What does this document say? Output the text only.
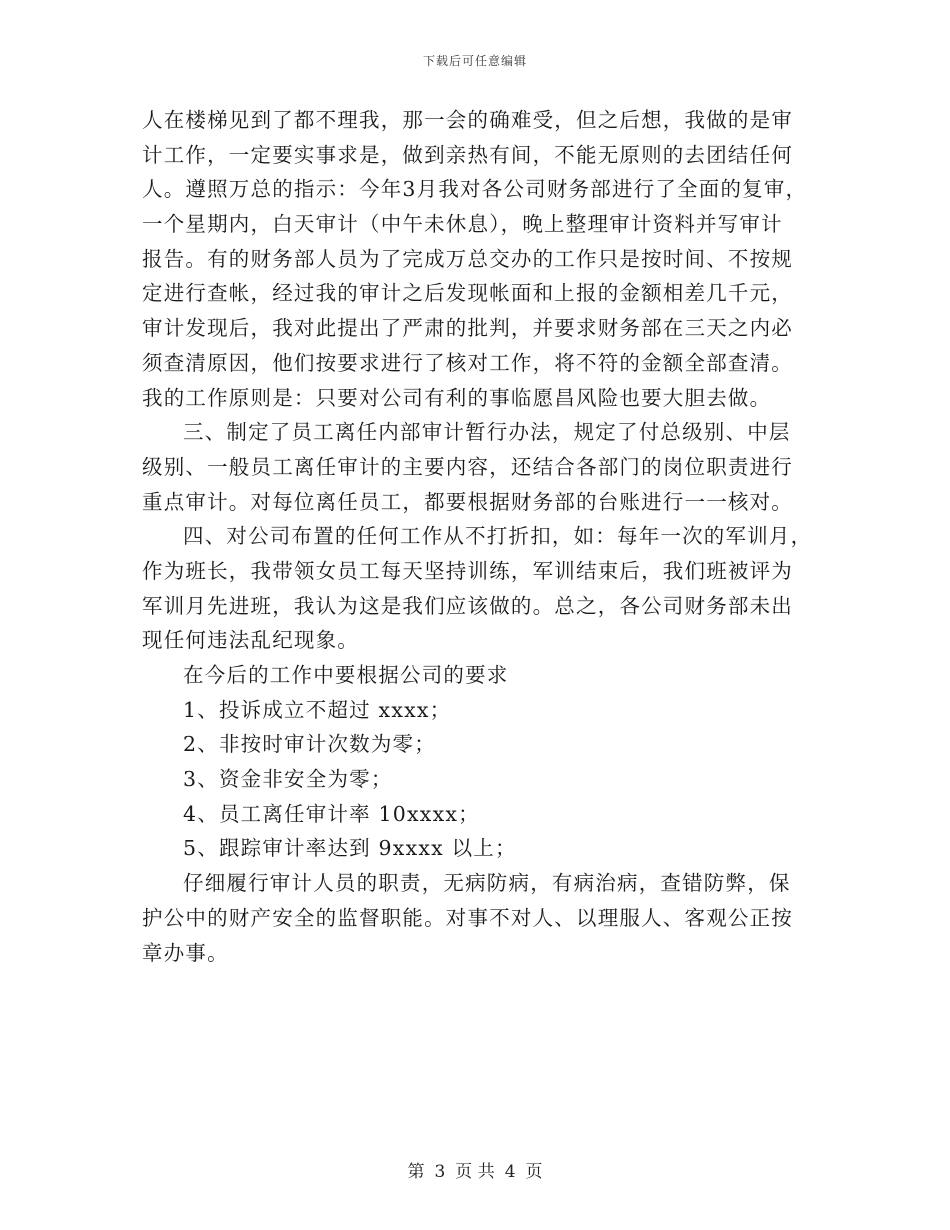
下载后可任意编辑
人在楼梯见到了都不理我，那一会的确难受，但之后想，我做的是审
计工作，一定要实事求是，做到亲热有间，不能无原则的去团结任何
人。遵照万总的指示：今年3月我对各公司财务部进行了全面的复审，
一个星期内，白天审计（中午未休息），晚上整理审计资料并写审计
报告。有的财务部人员为了完成万总交办的工作只是按时间、不按规
定进行查帐，经过我的审计之后发现帐面和上报的金额相差几千元，
审计发现后，我对此提出了严肃的批判，并要求财务部在三天之内必
须查清原因，他们按要求进行了核对工作，将不符的金额全部查清。
我的工作原则是：只要对公司有利的事临愿昌风险也要大胆去做。
三、制定了员工离任内部审计暂行办法，规定了付总级别、中层
级别、一般员工离任审计的主要内容，还结合各部门的岗位职责进行
重点审计。对每位离任员工，都要根据财务部的台账进行一一核对。
四、对公司布置的任何工作从不打折扣，如：每年一次的军训月，
作为班长，我带领女员工每天坚持训练，军训结束后，我们班被评为
军训月先进班，我认为这是我们应该做的。总之，各公司财务部未出
现任何违法乱纪现象。
在今后的工作中要根据公司的要求
1、投诉成立不超过 xxxx；
2、非按时审计次数为零；
3、资金非安全为零；
4、员工离任审计率 10xxxx；
5、跟踪审计率达到 9xxxx 以上；
仔细履行审计人员的职责，无病防病，有病治病，查错防弊，保
护公中的财产安全的监督职能。对事不对人、以理服人、客观公正按
章办事。
第 3 页 共 4 页
